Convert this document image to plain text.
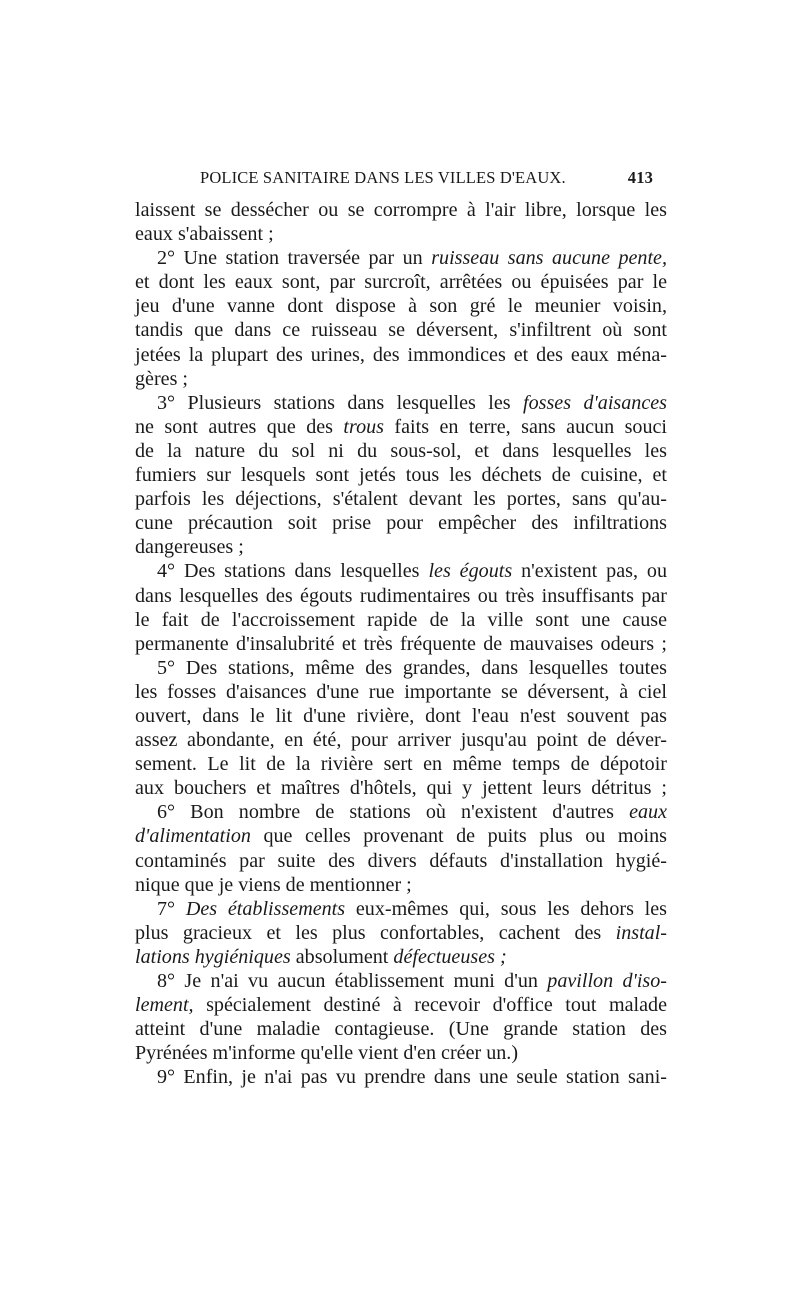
POLICE SANITAIRE DANS LES VILLES D'EAUX.	413
laissent se dessécher ou se corrompre à l'air libre, lorsque les
eaux s'abaissent ;
2° Une station traversée par un ruisseau sans aucune pente,
et dont les eaux sont, par surcroît, arrêtées ou épuisées par le
jeu d'une vanne dont dispose à son gré le meunier voisin,
tandis que dans ce ruisseau se déversent, s'infiltrent où sont
jetées la plupart des urines, des immondices et des eaux ména-
gères ;
3° Plusieurs stations dans lesquelles les fosses d'aisances
ne sont autres que des trous faits en terre, sans aucun souci
de la nature du sol ni du sous-sol, et dans lesquelles les
fumiers sur lesquels sont jetés tous les déchets de cuisine, et
parfois les déjections, s'étalent devant les portes, sans qu'au-
cune précaution soit prise pour empêcher des infiltrations
dangereuses ;
4° Des stations dans lesquelles les égouts n'existent pas, ou
dans lesquelles des égouts rudimentaires ou très insuffisants par
le fait de l'accroissement rapide de la ville sont une cause
permanente d'insalubrité et très fréquente de mauvaises odeurs ;
5° Des stations, même des grandes, dans lesquelles toutes
les fosses d'aisances d'une rue importante se déversent, à ciel
ouvert, dans le lit d'une rivière, dont l'eau n'est souvent pas
assez abondante, en été, pour arriver jusqu'au point de déver-
sement. Le lit de la rivière sert en même temps de dépotoir
aux bouchers et maîtres d'hôtels, qui y jettent leurs détritus ;
6° Bon nombre de stations où n'existent d'autres eaux
d'alimentation que celles provenant de puits plus ou moins
contaminés par suite des divers défauts d'installation hygié-
nique que je viens de mentionner ;
7° Des établissements eux-mêmes qui, sous les dehors les
plus gracieux et les plus confortables, cachent des instal-
lations hygiéniques absolument défectueuses ;
8° Je n'ai vu aucun établissement muni d'un pavillon d'iso-
lement, spécialement destiné à recevoir d'office tout malade
atteint d'une maladie contagieuse. (Une grande station des
Pyrénées m'informe qu'elle vient d'en créer un.)
9° Enfin, je n'ai pas vu prendre dans une seule station sani-
